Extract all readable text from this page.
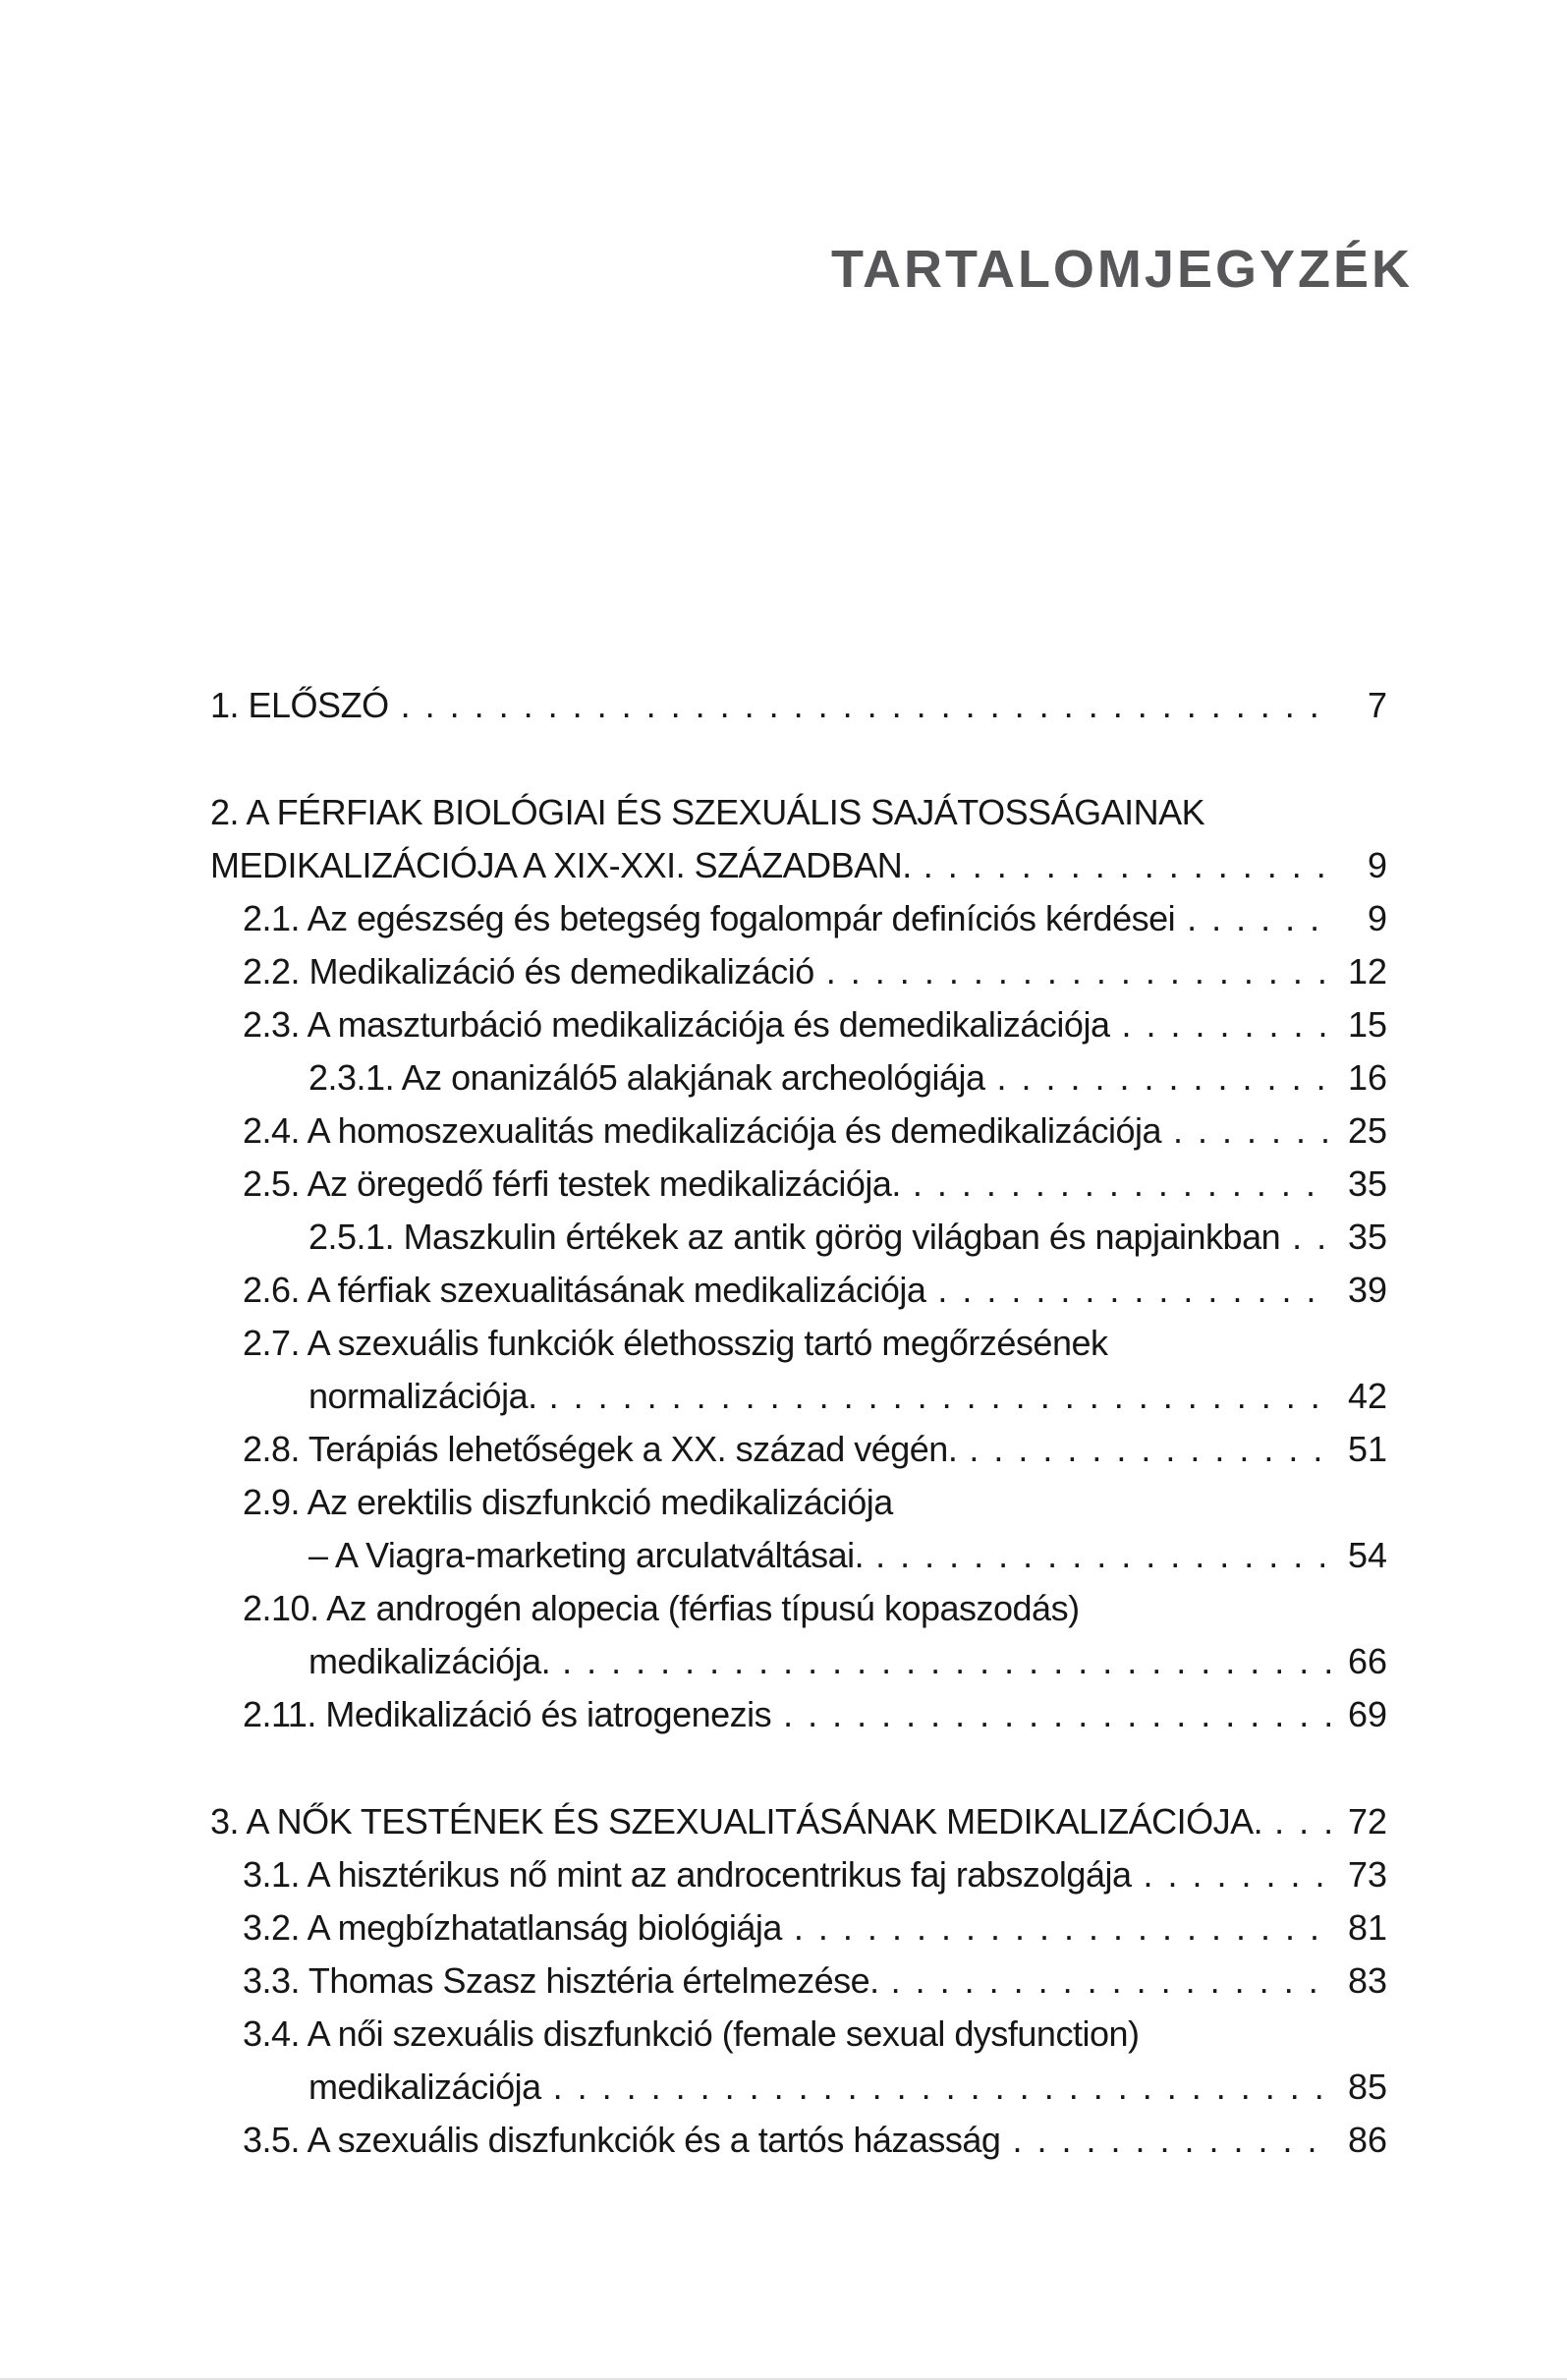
TARTALOMJEGYZÉK
1. ELŐSZÓ . . .	7
2. A FÉRFIAK BIOLÓGIAI ÉS SZEXUÁLIS SAJÁTOSSÁGAINAK
MEDIKALIZÁCIÓJA A XIX-XXI. SZÁZADBAN. . . .	9
2.1. Az egészség és betegség fogalompár definíciós kérdései . . .	9
2.2. Medikalizáció és demedikalizáció . . .	12
2.3. A maszturbáció medikalizációja és demedikalizációja . . .	15
2.3.1. Az onanizáló5 alakjának archeológiája . . .	16
2.4. A homoszexualitás medikalizációja és demedikalizációja . . .	25
2.5. Az öregedő férfi testek medikalizációja. . . .	35
2.5.1. Maszkulin értékek az antik görög világban és napjainkban . . . 35
2.6. A férfiak szexualitásának medikalizációja . . .	39
2.7. A szexuális funkciók élethosszig tartó megőrzésének
normalizációja. . . .	42
2.8. Terápiás lehetőségek a XX. század végén. . . .	51
2.9. Az erektilis diszfunkció medikalizációja
– A Viagra-marketing arculatváltásai. . . .	54
2.10. Az androgén alopecia (férfias típusú kopaszodás)
medikalizációja. . . .	66
2.11. Medikalizáció és iatrogenezis . . .	69
3. A NŐK TESTÉNEK ÉS SZEXUALITÁSÁNAK MEDIKALIZÁCIÓJA. . . . 72
3.1. A hisztérikus nő mint az androcentrikus faj rabszolgája . . .	73
3.2. A megbízhatatlanság biológiája . . .	81
3.3. Thomas Szasz hisztéria értelmezése. . . .	83
3.4. A női szexuális diszfunkció (female sexual dysfunction)
medikalizációja . . .	85
3.5. A szexuális diszfunkciók és a tartós házasság . . .	86
